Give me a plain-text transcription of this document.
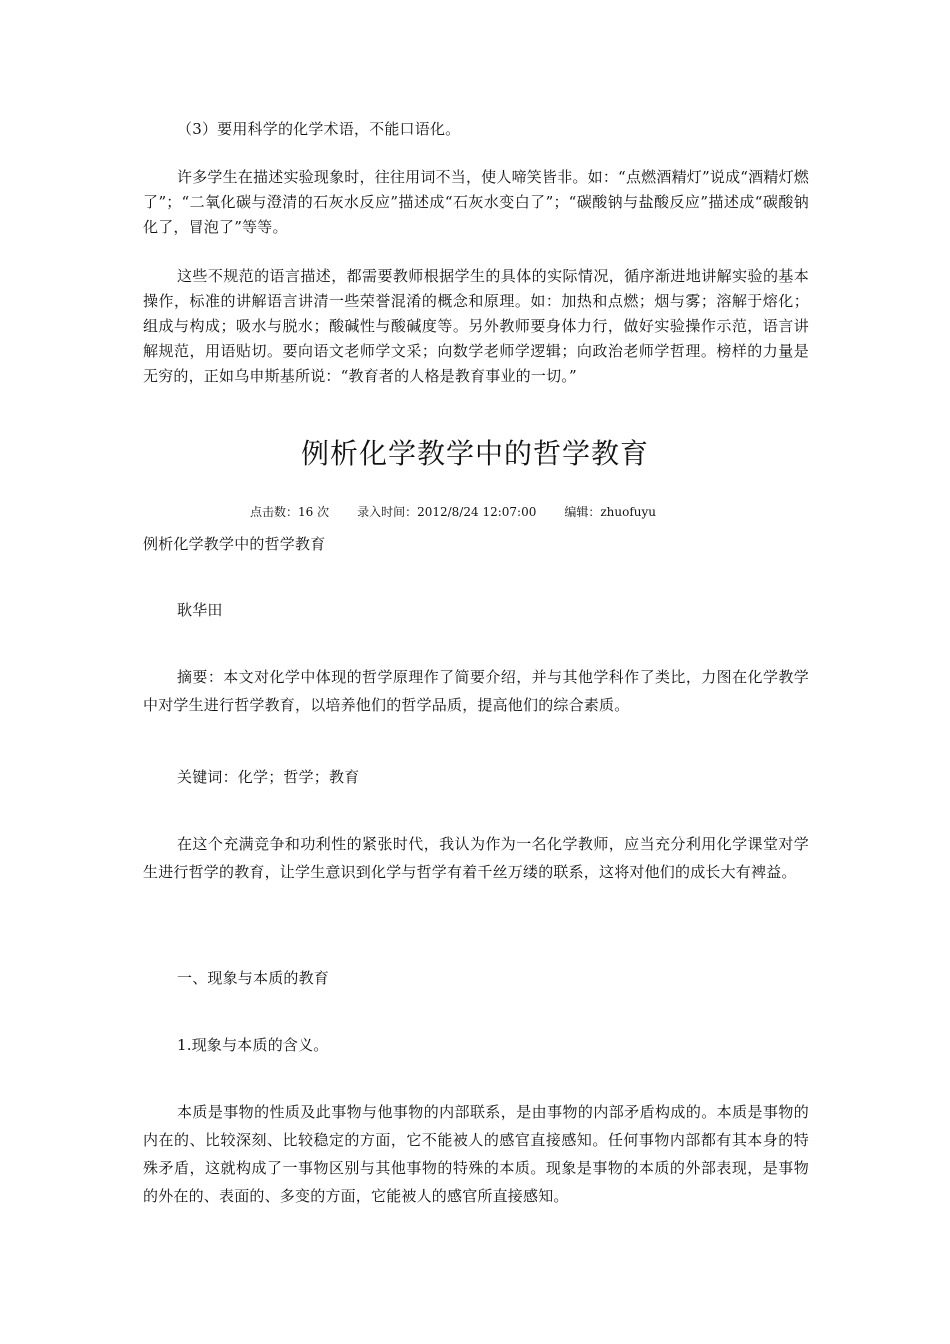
（3）要用科学的化学术语，不能口语化。

许多学生在描述实验现象时，往往用词不当，使人啼笑皆非。如：“点燃酒精灯”说成“酒精灯燃了”；“二氧化碳与澄清的石灰水反应”描述成“石灰水变白了”；“碳酸钠与盐酸反应”描述成“碳酸钠化了，冒泡了”等等。

这些不规范的语言描述，都需要教师根据学生的具体的实际情况，循序渐进地讲解实验的基本操作，标准的讲解语言讲清一些荣誉混淆的概念和原理。如：加热和点燃；烟与雾；溶解于熔化；组成与构成；吸水与脱水；酸碱性与酸碱度等。另外教师要身体力行，做好实验操作示范，语言讲解规范，用语贴切。要向语文老师学文采；向数学老师学逻辑；向政治老师学哲理。榜样的力量是无穷的，正如乌申斯基所说：“教育者的人格是教育事业的一切。”

例析化学教学中的哲学教育
点击数：16 次 录入时间：2012/8/24 12:07:00 编辑：zhuofuyu

例析化学教学中的哲学教育

耿华田

摘要：本文对化学中体现的哲学原理作了简要介绍，并与其他学科作了类比，力图在化学教学中对学生进行哲学教育，以培养他们的哲学品质，提高他们的综合素质。

关键词：化学；哲学；教育

在这个充满竞争和功利性的紧张时代，我认为作为一名化学教师，应当充分利用化学课堂对学生进行哲学的教育，让学生意识到化学与哲学有着千丝万缕的联系，这将对他们的成长大有裨益。

一、现象与本质的教育

1.现象与本质的含义。

本质是事物的性质及此事物与他事物的内部联系，是由事物的内部矛盾构成的。本质是事物的内在的、比较深刻、比较稳定的方面，它不能被人的感官直接感知。任何事物内部都有其本身的特殊矛盾，这就构成了一事物区别与其他事物的特殊的本质。现象是事物的本质的外部表现，是事物的外在的、表面的、多变的方面，它能被人的感官所直接感知。
